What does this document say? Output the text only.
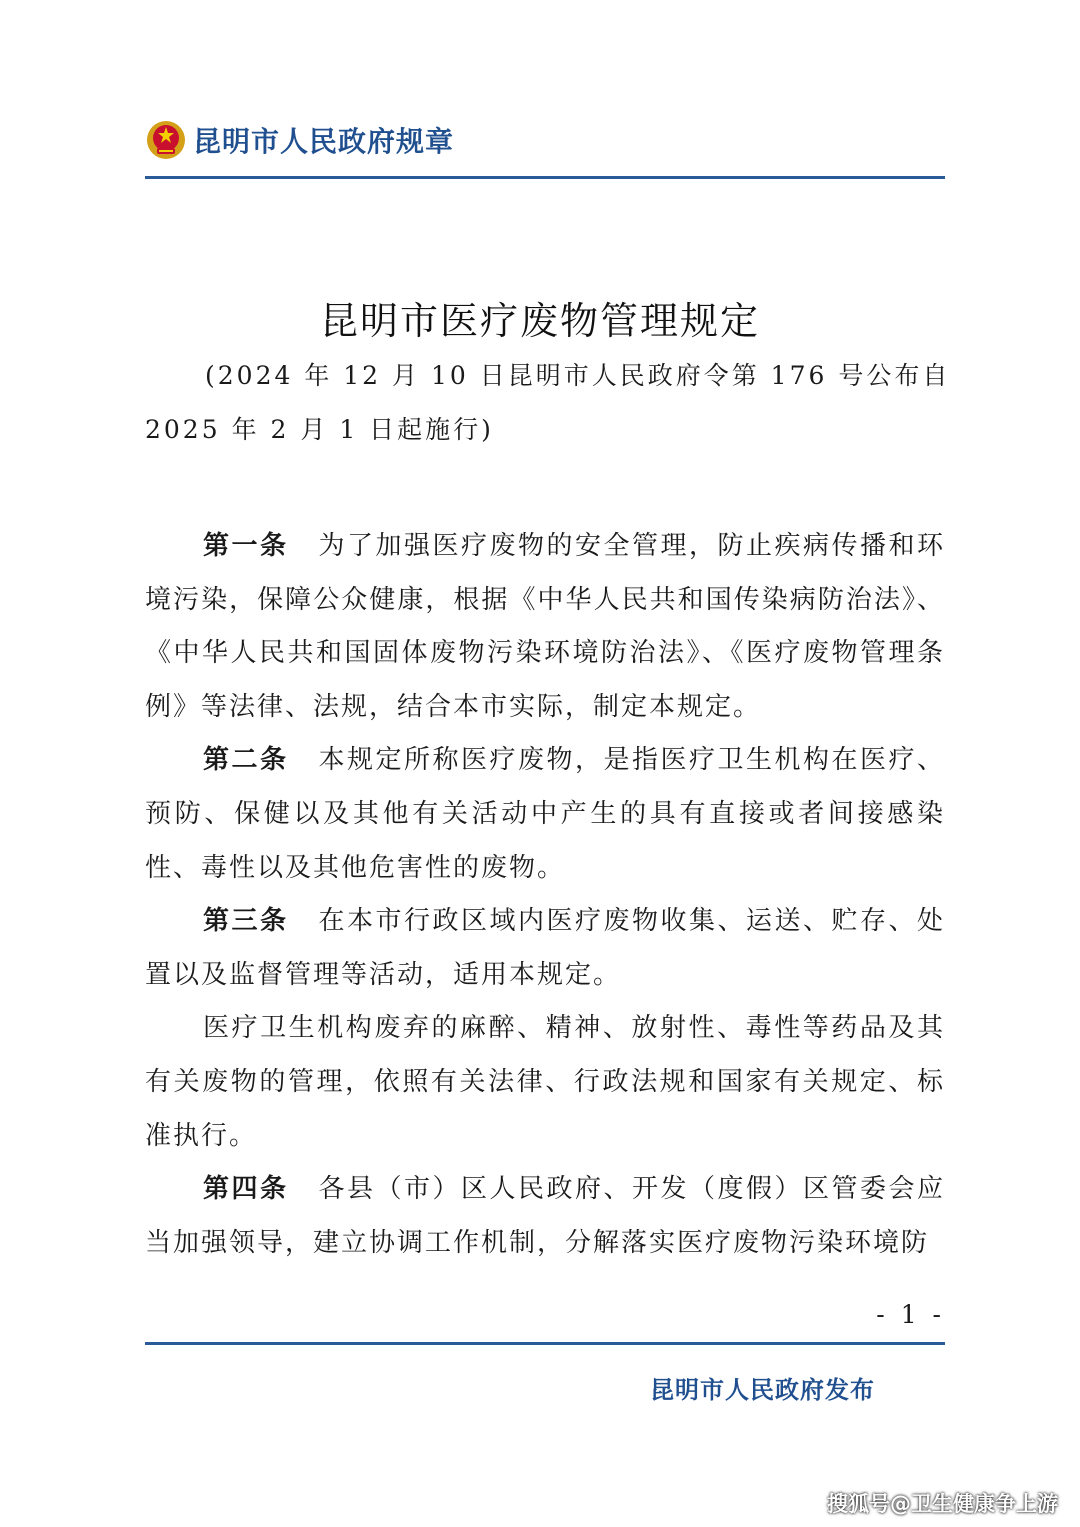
昆明市人民政府规章
昆明市医疗废物管理规定
(2024 年 12 月 10 日昆明市人民政府令第 176 号公布 自
2025 年 2 月 1 日起施行)

第一条 为了加强医疗废物的安全管理，防止疾病传播和环境污染，保障公众健康，根据《中华人民共和国传染病防治法》、《中华人民共和国固体废物污染环境防治法》、《医疗废物管理条例》等法律、法规，结合本市实际，制定本规定。

第二条 本规定所称医疗废物，是指医疗卫生机构在医疗、预防、保健以及其他有关活动中产生的具有直接或者间接感染性、毒性以及其他危害性的废物。

第三条 在本市行政区域内医疗废物收集、运送、贮存、处置以及监督管理等活动，适用本规定。

医疗卫生机构废弃的麻醉、精神、放射性、毒性等药品及其有关废物的管理，依照有关法律、行政法规和国家有关规定、标准执行。

第四条 各县（市）区人民政府、开发（度假）区管委会应当加强领导，建立协调工作机制，分解落实医疗废物污染环境防

- 1 -
昆明市人民政府发布
搜狐号@卫生健康争上游
